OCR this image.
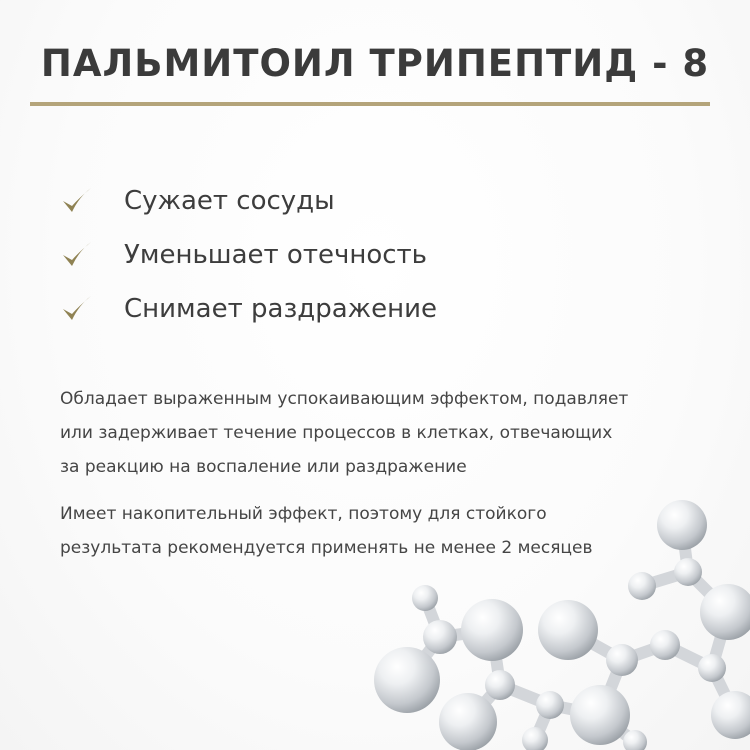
ПАЛЬМИТОИЛ ТРИПЕПТИД - 8
Сужает сосуды
Уменьшает отечность
Снимает раздражение

Обладает выраженным успокаивающим эффектом, подавляет
или задерживает течение процессов в клетках, отвечающих
за реакцию на воспаление или раздражение

Имеет накопительный эффект, поэтому для стойкого
результата рекомендуется применять не менее 2 месяцев
